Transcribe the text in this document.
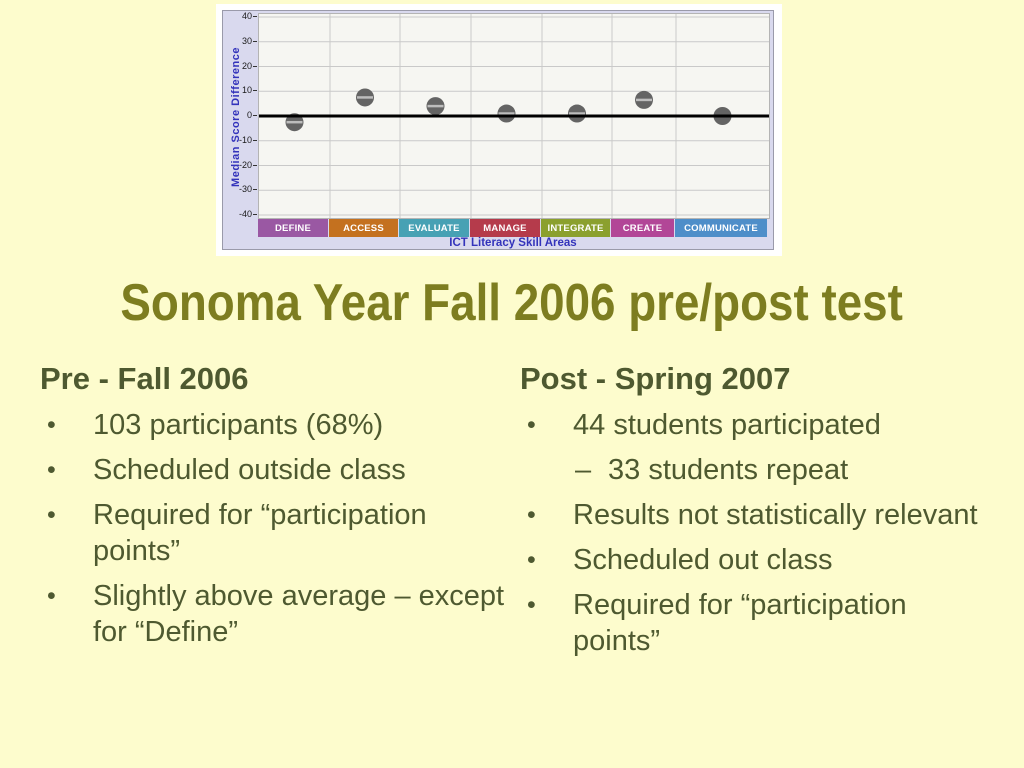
Median Score Difference
40
30
20
10
0
-10
-20
-30
-40
DEFINE	ACCESS	EVALUATE	MANAGE	INTEGRATE	CREATE	COMMUNICATE
ICT Literacy Skill Areas
Sonoma Year Fall 2006 pre/post test
Pre - Fall 2006
•	103 participants (68%)
•	Scheduled outside class
•	Required for “participation points”
•	Slightly above average – except for “Define”
Post - Spring 2007
•	44 students participated
– 33 students repeat
•	Results not statistically relevant
•	Scheduled out class
•	Required for “participation points”
